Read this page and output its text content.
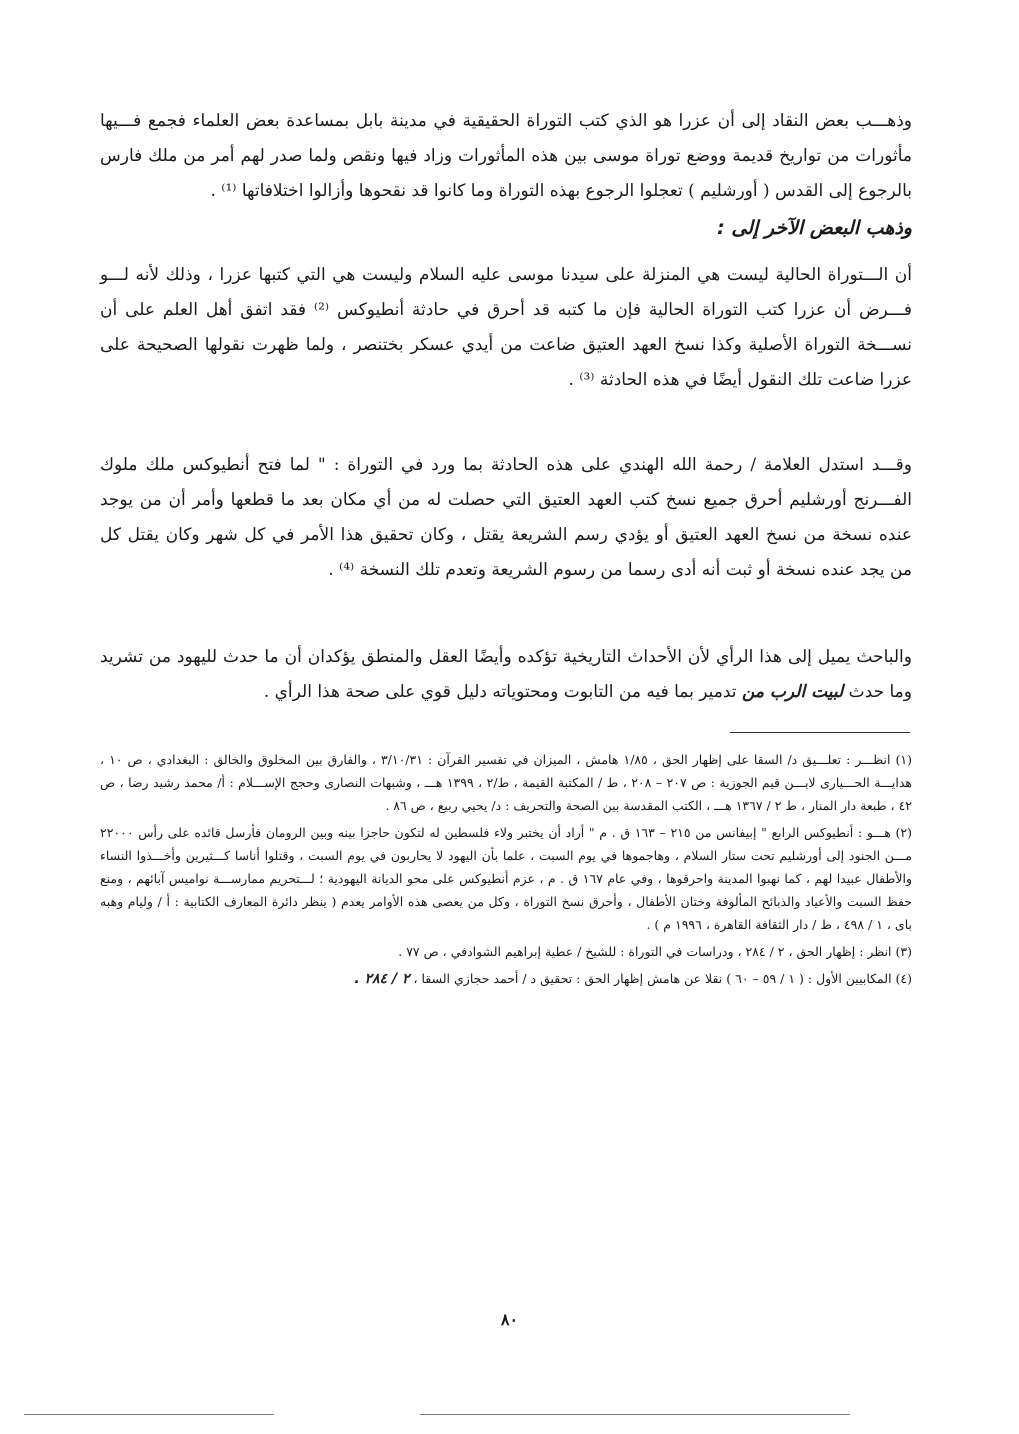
وذهـــب بعض النقاد إلى أن عزرا هو الذي كتب التوراة الحقيقية في مدينة بابل بمساعدة بعض العلماء فجمع فـــيها مأثورات من تواريخ قديمة ووضع توراة موسى بين هذه المأثورات وزاد فيها ونقص ولما صدر لهم أمر من ملك فارس بالرجوع إلى القدس ( أورشليم ) تعجلوا الرجوع بهذه التوراة وما كانوا قد نقحوها وأزالوا اختلافاتها ⁽¹⁾ .

وذهب البعض الآخر إلى :

أن الـــتوراة الحالية ليست هي المنزلة على سيدنا موسى عليه السلام وليست هي التي كتبها عزرا ، وذلك لأنه لـــو فـــرض أن عزرا كتب التوراة الحالية فإن ما كتبه قد أحرق في حادثة أنطيوكس ⁽²⁾ فقد اتفق أهل العلم على أن نســـخة التوراة الأصلية وكذا نسخ العهد العتيق ضاعت من أيدي عسكر بختنصر ، ولما ظهرت نقولها الصحيحة على عزرا ضاعت تلك النقول أيضًا في هذه الحادثة ⁽³⁾ .

وقـــد استدل العلامة / رحمة الله الهندي على هذه الحادثة بما ورد في التوراة : " لما فتح أنطيوكس ملك ملوك الفـــرنج أورشليم أحرق جميع نسخ كتب العهد العتيق التي حصلت له من أي مكان بعد ما قطعها وأمر أن من يوجد عنده نسخة من نسخ العهد العتيق أو يؤدي رسم الشريعة يقتل ، وكان تحقيق هذا الأمر في كل شهر وكان يقتل كل من يجد عنده نسخة أو ثبت أنه أدى رسما من رسوم الشريعة وتعدم تلك النسخة ⁽⁴⁾ .

والباحث يميل إلى هذا الرأي لأن الأحداث التاريخية تؤكده وأيضًا العقل والمنطق يؤكدان أن ما حدث لليهود من تشريد وما حدث لبيت الرب من تدمير بما فيه من التابوت ومحتوياته دليل قوي على صحة هذا الرأي .

(١) انظـــر : تعلـــيق د/ السقا على إظهار الحق ، ١/٨٥ هامش ، الميزان في تفسير القرآن : ٣/١٠/٣١ ، والفارق بين المخلوق والخالق : البغدادي ، ص ١٠ ، هدايـــة الحـــيارى لابـــن قيم الجوزية : ص ٢٠٧ – ٢٠٨ ، ط / المكتبة القيمة ، ط/٢ ، ١٣٩٩ هـــ ، وشبهات النصارى وحجج الإســـلام : أ/ محمد رشيد رضا ، ص ٤٢ ، طبعة دار المنار ، ط ٢ / ١٣٦٧ هـــ ، الكتب المقدسة بين الصحة والتحريف : د/ يحيي ربيع ، ص ٨٦ .

(٢) هـــو : أنطيوكس الرابع " إبيفانس من ٢١٥ – ١٦٣ ق . م " أراد أن يختبر ولاء فلسطين له لتكون حاجزا بينه وبين الرومان فأرسل قائده على رأس ٢٢٠٠٠ مـــن الجنود إلى أورشليم تحت ستار السلام ، وهاجموها في يوم السبت ، علما بأن اليهود لا يحاربون في يوم السبت ، وقتلوا أناسا كـــثيرين وأخـــذوا النساء والأطفال عبيدا لهم ، كما نهبوا المدينة واحرقوها ، وفي عام ١٦٧ ق . م ، عزم أنطيوكس على محو الديانة اليهودية ؛ لـــتحريم ممارســـة نواميس آبائهم ، ومنع حفظ السبت والأعياد والذبائح المألوفة وختان الأطفال ، وأحرق نسخ التوراة ، وكل من يعصى هذه الأوامر يعدم ( ينظر دائرة المعارف الكتابية : أ / وليام وهبه باى ، ١ / ٤٩٨ ، ط / دار الثقافة القاهرة ، ١٩٩٦ م ) .

(٣) انظر : إظهار الحق ، ٢ / ٢٨٤ ، ودراسات في التوراة : للشيخ / عطية إبراهيم الشوادفي ، ص ٧٧ .

(٤) المكابيين الأول : ( ١ / ٥٩ – ٦٠ ) نقلا عن هامش إظهار الحق : تحقيق د / أحمد حجازي السقا ، ٢ / ٢٨٤ .

٨٠
